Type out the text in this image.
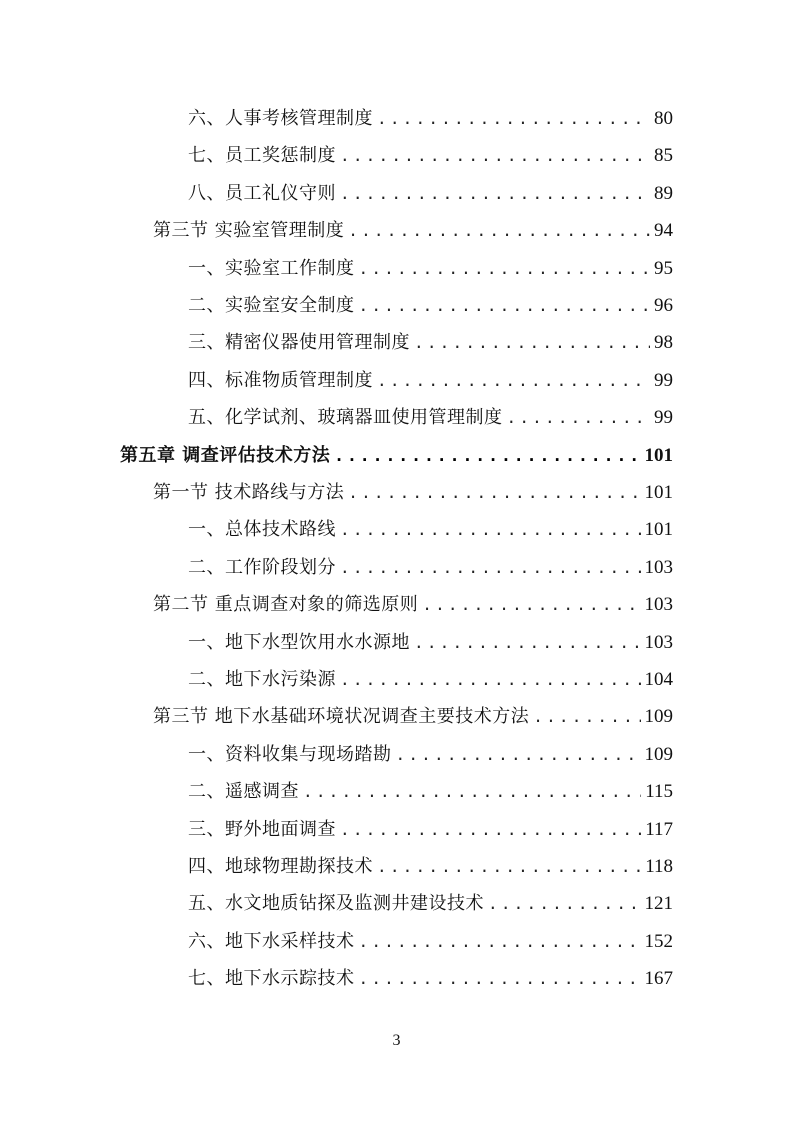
六、人事考核管理制度 .....	80
七、员工奖惩制度 .....	85
八、员工礼仪守则 .....	89
第三节 实验室管理制度 .....	94
一、实验室工作制度 .....	95
二、实验室安全制度 .....	96
三、精密仪器使用管理制度 .....	98
四、标准物质管理制度 .....	99
五、化学试剂、玻璃器皿使用管理制度 .....	99
第五章 调查评估技术方法 .....	101
第一节 技术路线与方法 .....	101
一、总体技术路线 .....	101
二、工作阶段划分 .....	103
第二节 重点调查对象的筛选原则 .....	103
一、地下水型饮用水水源地 .....	103
二、地下水污染源 .....	104
第三节 地下水基础环境状况调查主要技术方法 .....	109
一、资料收集与现场踏勘 .....	109
二、遥感调查 .....	115
三、野外地面调查 .....	117
四、地球物理勘探技术 .....	118
五、水文地质钻探及监测井建设技术 .....	121
六、地下水采样技术 .....	152
七、地下水示踪技术 .....	167
3
